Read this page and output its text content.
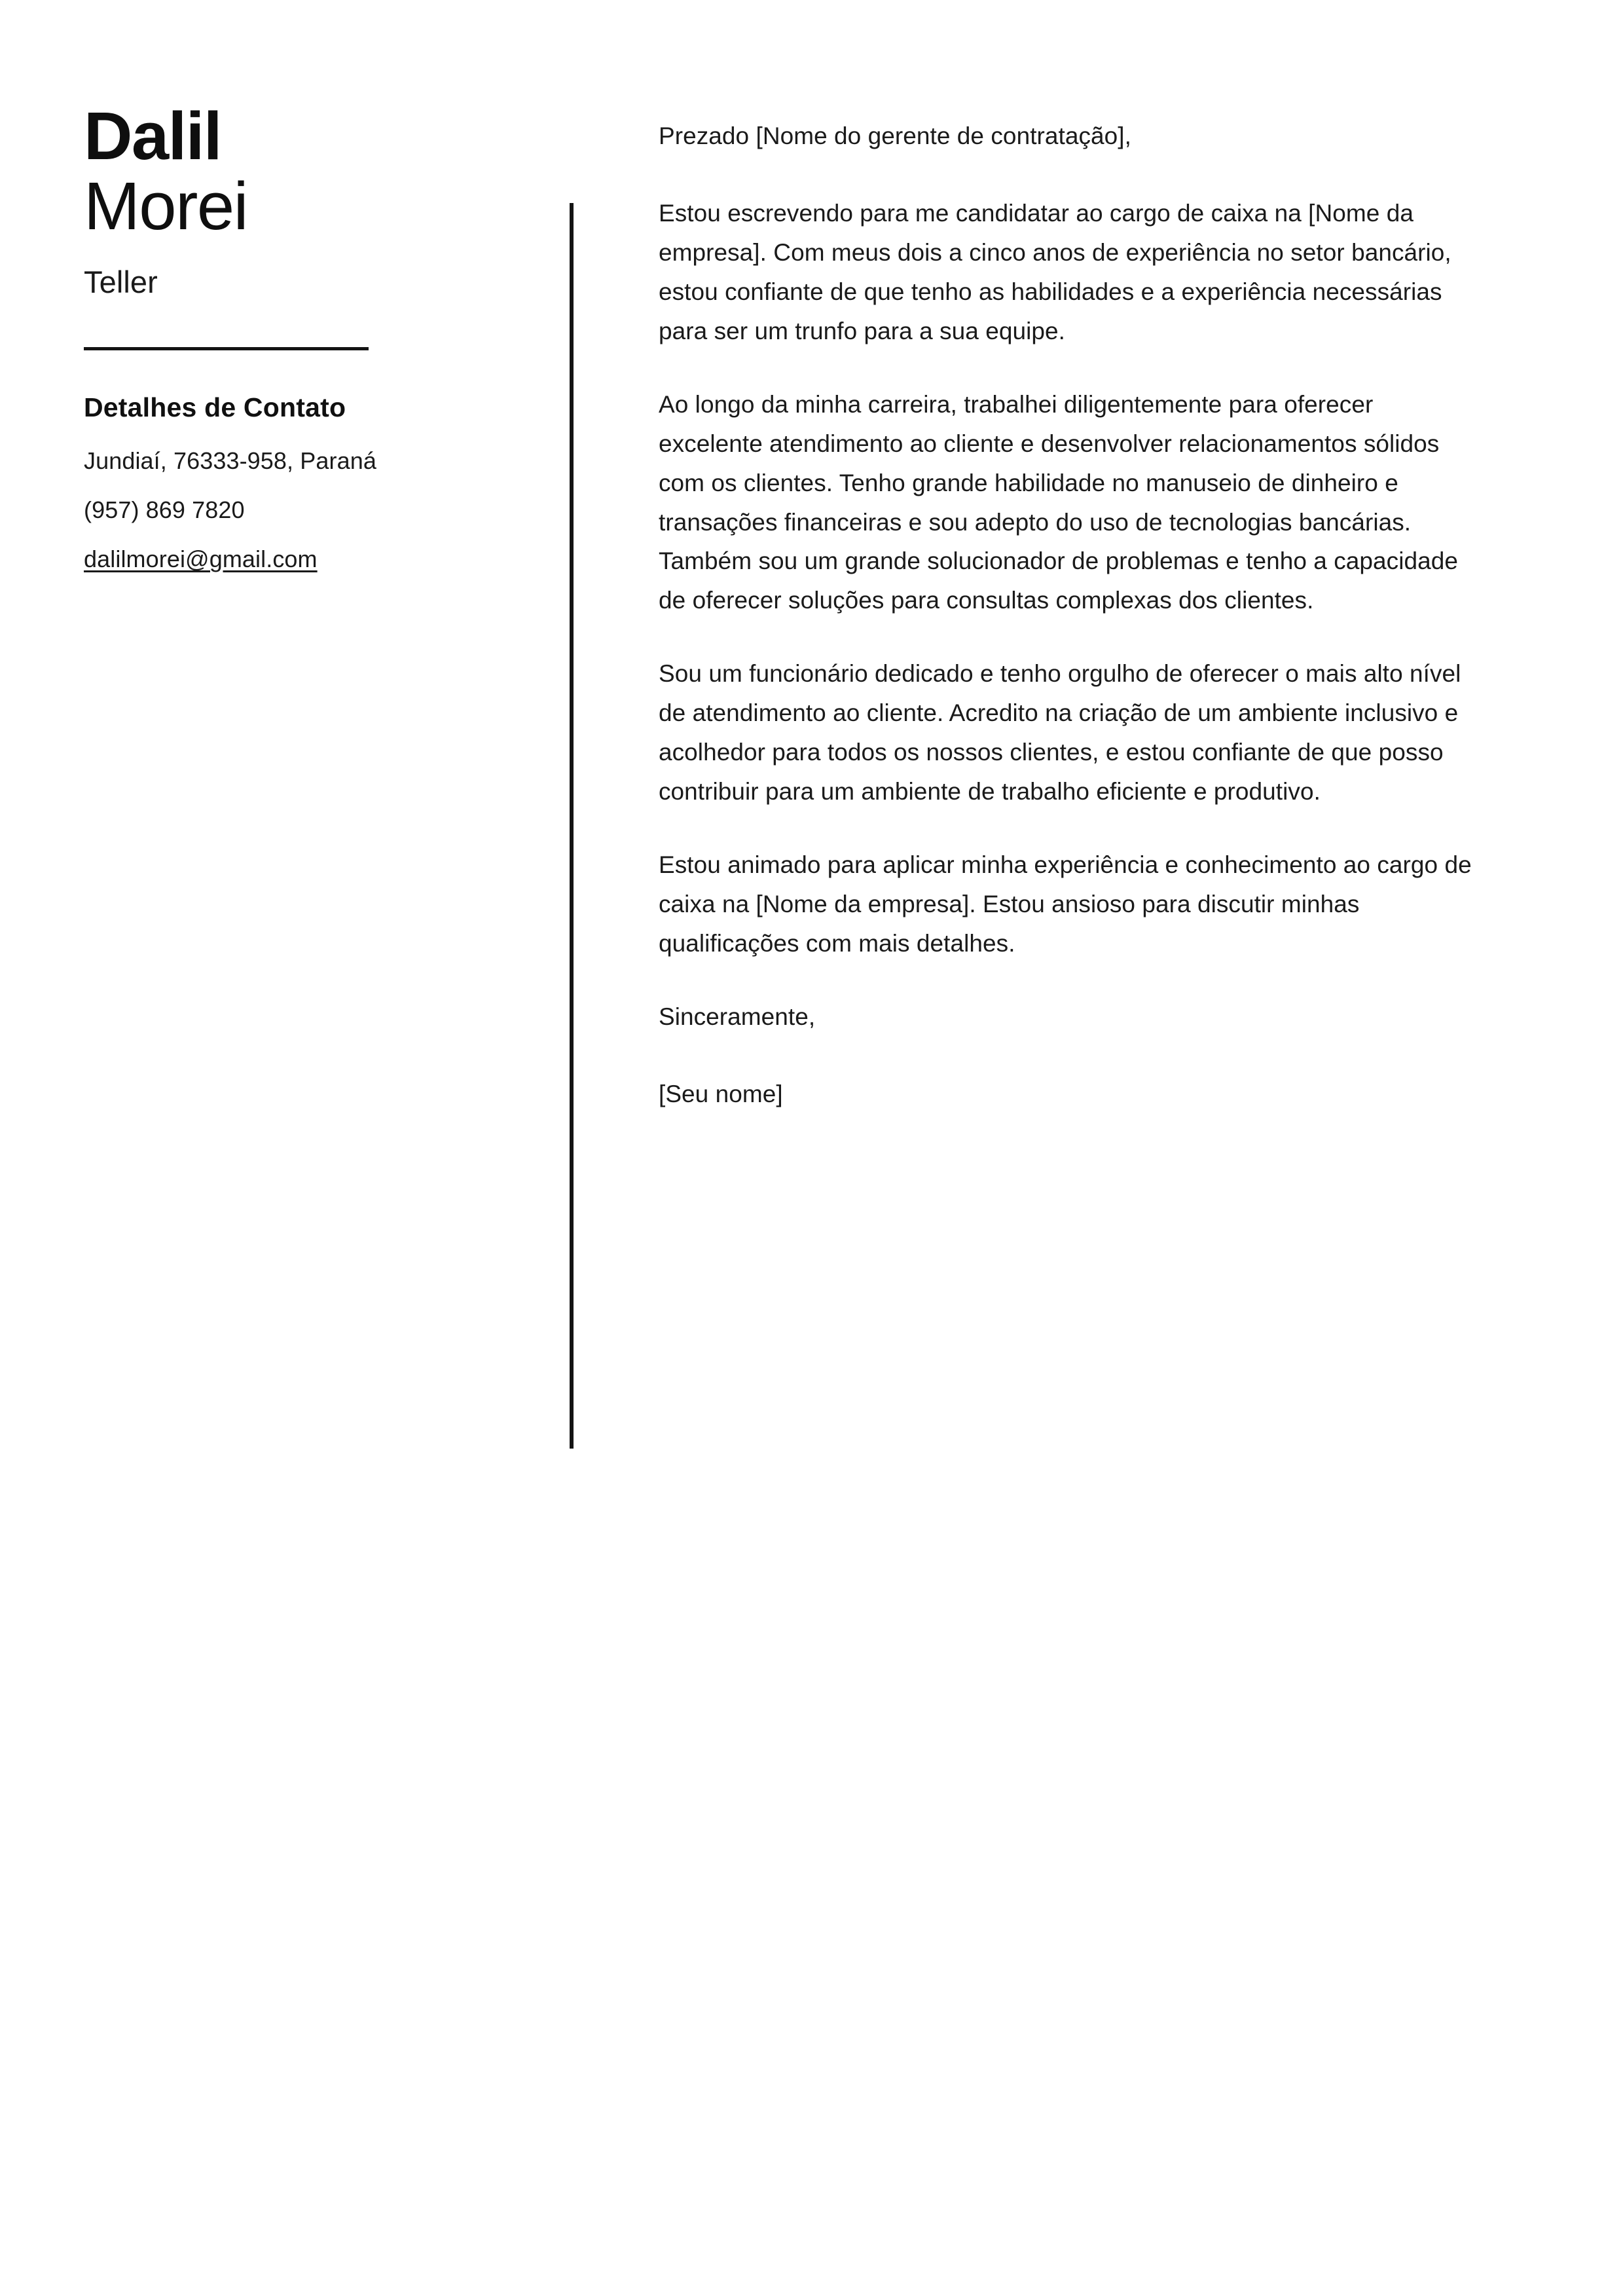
Dalil
Morei
Teller
Detalhes de Contato
Jundiaí, 76333-958, Paraná
(957) 869 7820
dalilmorei@gmail.com

Prezado [Nome do gerente de contratação],

Estou escrevendo para me candidatar ao cargo de caixa na [Nome da empresa]. Com meus dois a cinco anos de experiência no setor bancário, estou confiante de que tenho as habilidades e a experiência necessárias para ser um trunfo para a sua equipe.

Ao longo da minha carreira, trabalhei diligentemente para oferecer excelente atendimento ao cliente e desenvolver relacionamentos sólidos com os clientes. Tenho grande habilidade no manuseio de dinheiro e transações financeiras e sou adepto do uso de tecnologias bancárias. Também sou um grande solucionador de problemas e tenho a capacidade de oferecer soluções para consultas complexas dos clientes.

Sou um funcionário dedicado e tenho orgulho de oferecer o mais alto nível de atendimento ao cliente. Acredito na criação de um ambiente inclusivo e acolhedor para todos os nossos clientes, e estou confiante de que posso contribuir para um ambiente de trabalho eficiente e produtivo.

Estou animado para aplicar minha experiência e conhecimento ao cargo de caixa na [Nome da empresa]. Estou ansioso para discutir minhas qualificações com mais detalhes.

Sinceramente,

[Seu nome]
